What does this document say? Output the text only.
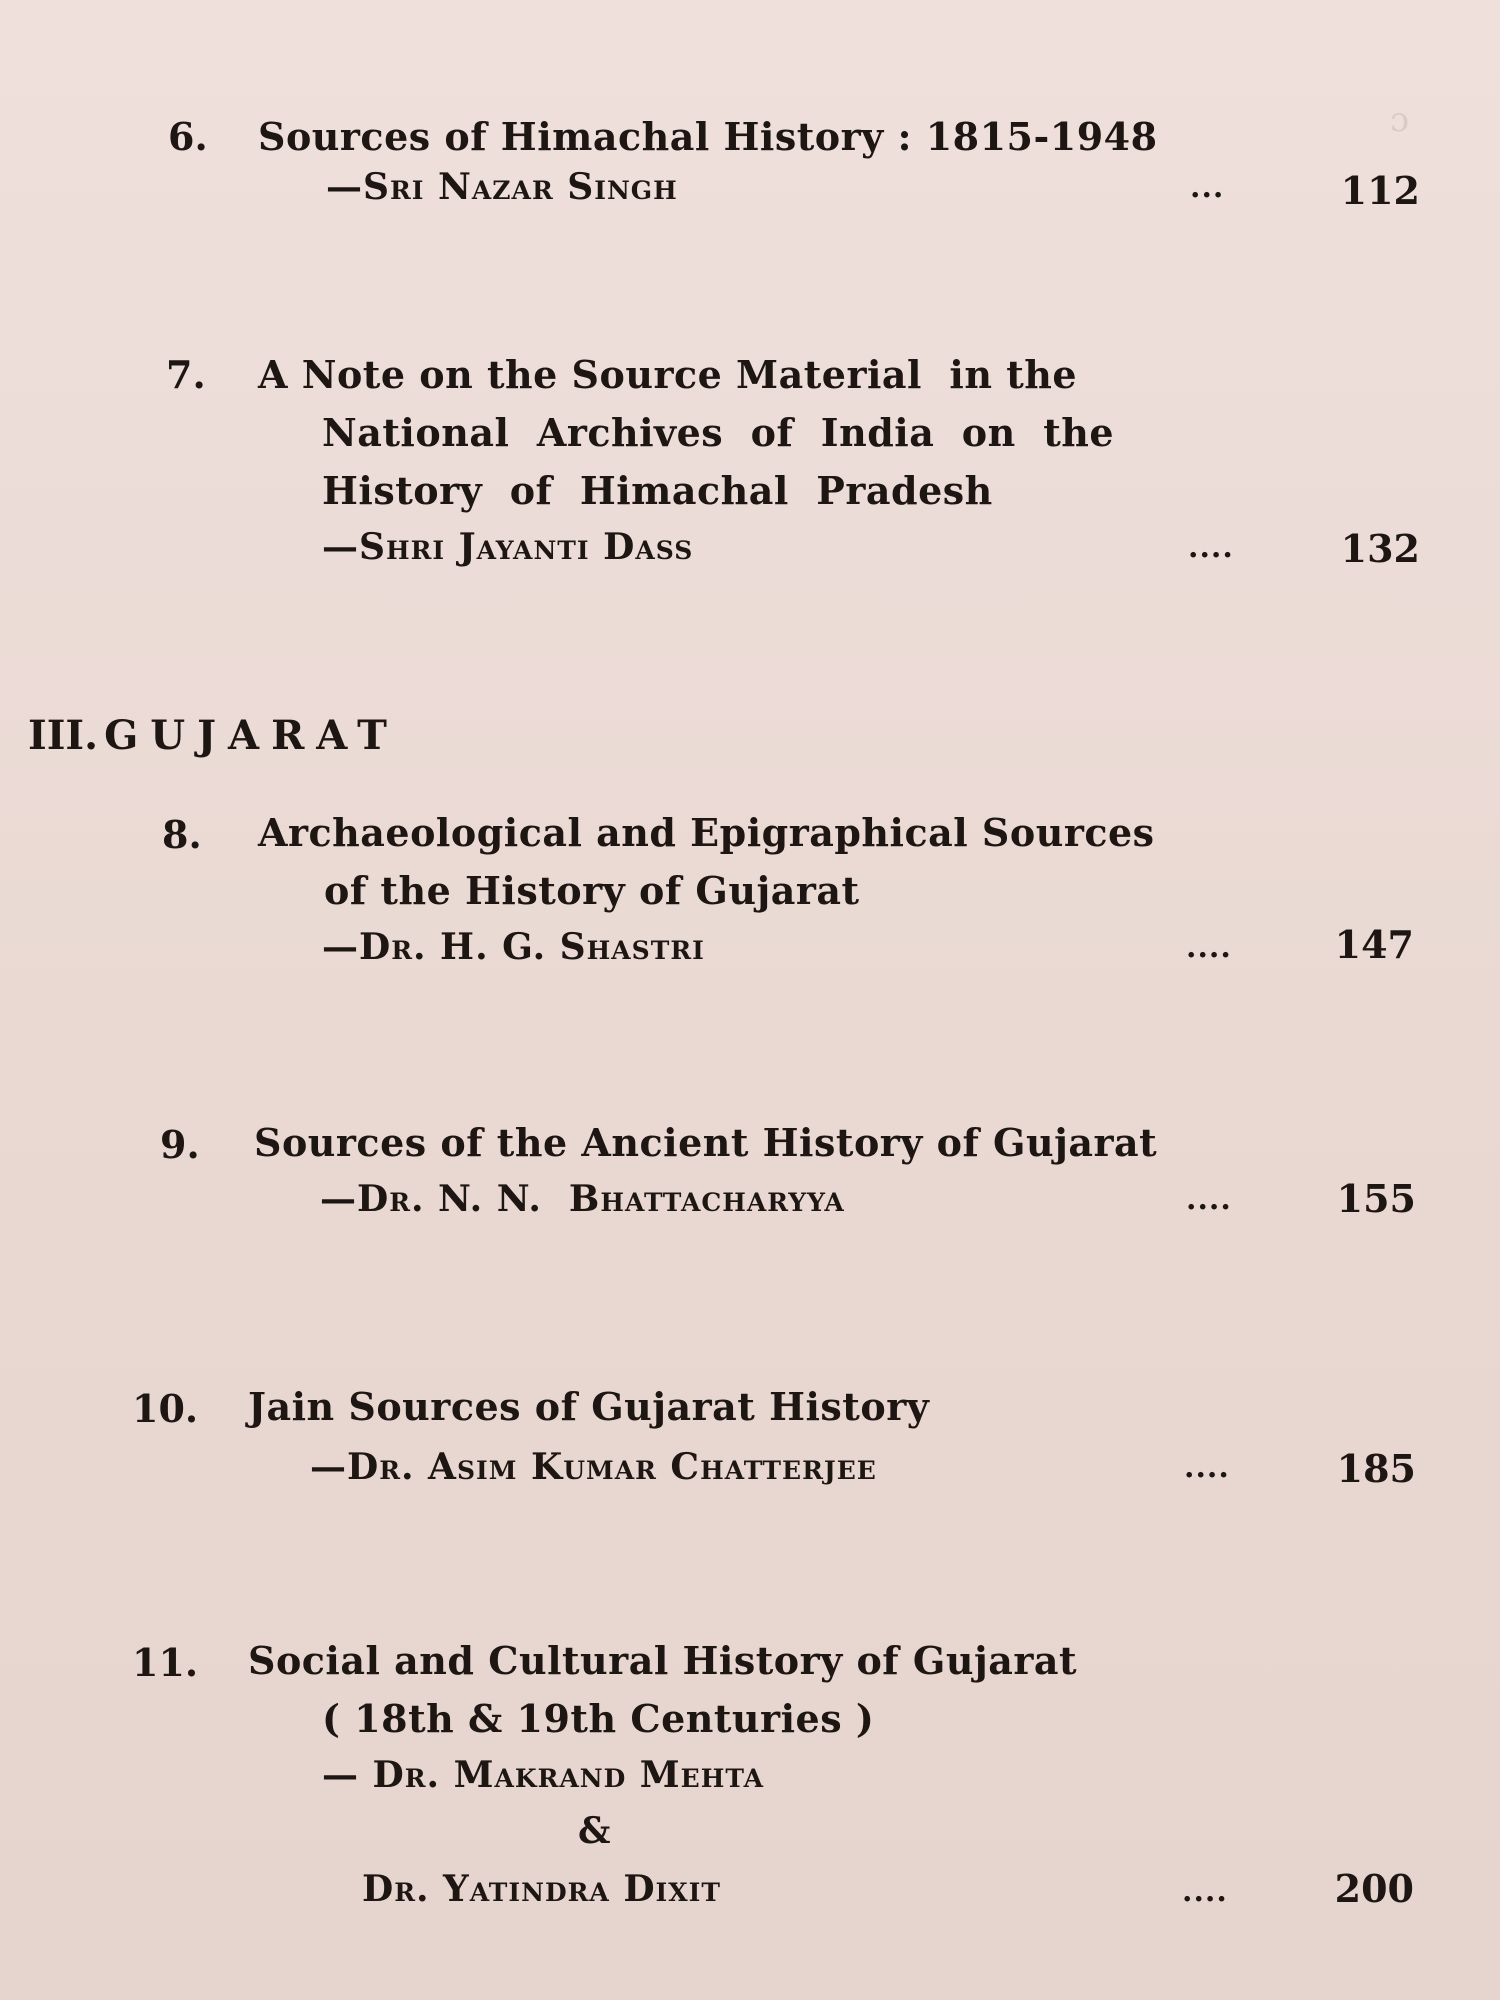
ɔ
6. Sources of Himachal History : 1815-1948
—Sri Nazar Singh	...	112
7. A Note on the Source Material  in the
National  Archives  of  India  on  the
History  of  Himachal  Pradesh
—Shri Jayanti Dass	....	132
III. GUJARAT
8. Archaeological and Epigraphical Sources
of the History of Gujarat
—Dr. H. G. Shastri	....	147
9. Sources of the Ancient History of Gujarat
—Dr. N. N.  Bhattacharyya	....	155
10. Jain Sources of Gujarat History
—Dr. Asim Kumar Chatterjee	....	185
11. Social and Cultural History of Gujarat
( 18th & 19th Centuries )
— Dr. Makrand Mehta
&
Dr. Yatindra Dixit	....	200
